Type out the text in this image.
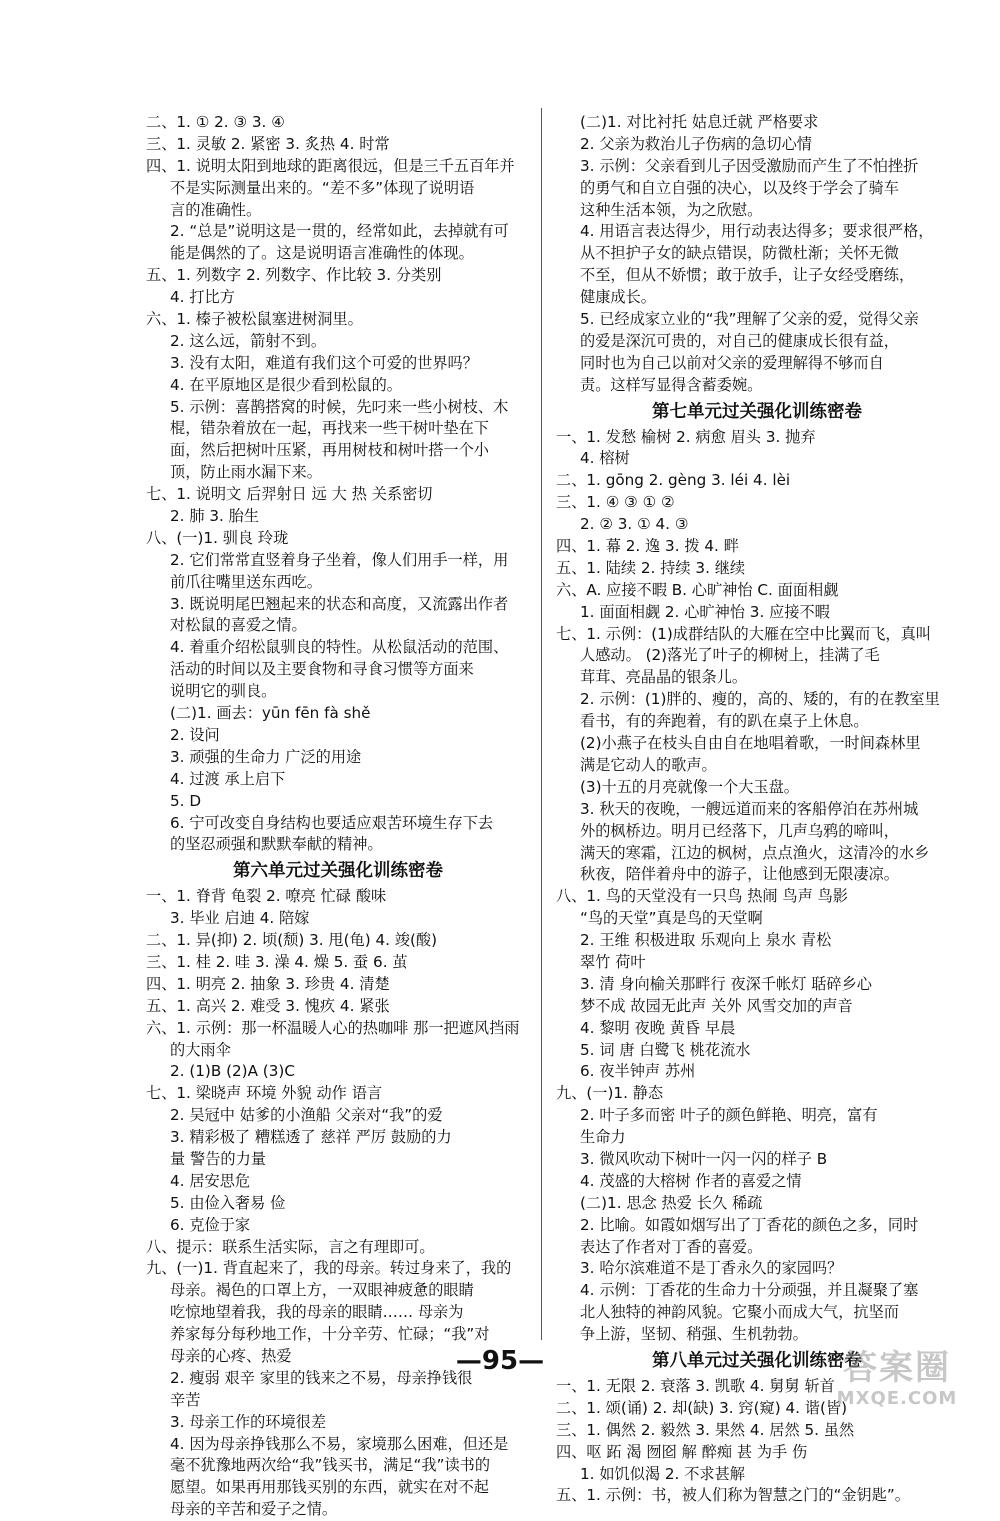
二、1. ① 2. ③ 3. ④
三、1. 灵敏 2. 紧密 3. 炙热 4. 时常
四、1. 说明太阳到地球的距离很远，但是三千五百年并
不是实际测量出来的。“差不多”体现了说明语
言的准确性。
2. “总是”说明这是一贯的，经常如此，去掉就有可
能是偶然的了。这是说明语言准确性的体现。
五、1. 列数字 2. 列数字、作比较 3. 分类别
4. 打比方
六、1. 榛子被松鼠塞进树洞里。
2. 这么远，箭射不到。
3. 没有太阳，难道有我们这个可爱的世界吗？
4. 在平原地区是很少看到松鼠的。
5. 示例：喜鹊搭窝的时候，先叼来一些小树枝、木
棍，错杂着放在一起，再找来一些干树叶垫在下
面，然后把树叶压紧，再用树枝和树叶搭一个小
顶，防止雨水漏下来。
七、1. 说明文 后羿射日 远 大 热 关系密切
2. 肺 3. 胎生
八、(一)1. 驯良 玲珑
2. 它们常常直竖着身子坐着，像人们用手一样，用
前爪往嘴里送东西吃。
3. 既说明尾巴翘起来的状态和高度，又流露出作者
对松鼠的喜爱之情。
4. 着重介绍松鼠驯良的特性。从松鼠活动的范围、
活动的时间以及主要食物和寻食习惯等方面来
说明它的驯良。
(二)1. 画去：yūn fēn fà shě
2. 设问
3. 顽强的生命力 广泛的用途
4. 过渡 承上启下
5. D
6. 宁可改变自身结构也要适应艰苦环境生存下去
的坚忍顽强和默默奉献的精神。
第六单元过关强化训练密卷
一、1. 脊背 龟裂 2. 嘹亮 忙碌 酸味
3. 毕业 启迪 4. 陪嫁
二、1. 异(抑) 2. 顷(颓) 3. 甩(龟) 4. 竣(酸)
三、1. 桂 2. 哇 3. 澡 4. 燥 5. 蚕 6. 茧
四、1. 明亮 2. 抽象 3. 珍贵 4. 清楚
五、1. 高兴 2. 难受 3. 愧疚 4. 紧张
六、1. 示例：那一杯温暖人心的热咖啡 那一把遮风挡雨
的大雨伞
2. (1)B (2)A (3)C
七、1. 梁晓声 环境 外貌 动作 语言
2. 吴冠中 姑爹的小渔船 父亲对“我”的爱
3. 精彩极了 糟糕透了 慈祥 严厉 鼓励的力
量 警告的力量
4. 居安思危
5. 由俭入奢易 俭
6. 克俭于家
八、提示：联系生活实际，言之有理即可。
九、(一)1. 背直起来了，我的母亲。转过身来了，我的
母亲。褐色的口罩上方，一双眼神疲惫的眼睛
吃惊地望着我，我的母亲的眼睛…… 母亲为
养家每分每秒地工作，十分辛劳、忙碌；“我”对
母亲的心疼、热爱
2. 瘦弱 艰辛 家里的钱来之不易，母亲挣钱很
辛苦
3. 母亲工作的环境很差
4. 因为母亲挣钱那么不易，家境那么困难，但还是
毫不犹豫地两次给“我”钱买书，满足“我”读书的
愿望。如果再用那钱买别的东西，就实在对不起
母亲的辛苦和爱子之情。
(二)1. 对比衬托 姑息迁就 严格要求
2. 父亲为救治儿子伤病的急切心情
3. 示例：父亲看到儿子因受激励而产生了不怕挫折
的勇气和自立自强的决心，以及终于学会了骑车
这种生活本领，为之欣慰。
4. 用语言表达得少，用行动表达得多；要求很严格，
从不担护子女的缺点错误，防微杜渐；关怀无微
不至，但从不娇惯；敢于放手，让子女经受磨练，
健康成长。
5. 已经成家立业的“我”理解了父亲的爱，觉得父亲
的爱是深沉可贵的，对自己的健康成长很有益，
同时也为自己以前对父亲的爱理解得不够而自
责。这样写显得含蓄委婉。
第七单元过关强化训练密卷
一、1. 发愁 榆树 2. 病愈 眉头 3. 抛弃
4. 榕树
二、1. gōng 2. gèng 3. léi 4. lèi
三、1. ④ ③ ① ②
2. ② 3. ① 4. ③
四、1. 幕 2. 逸 3. 拨 4. 畔
五、1. 陆续 2. 持续 3. 继续
六、A. 应接不暇 B. 心旷神怡 C. 面面相觑
1. 面面相觑 2. 心旷神怡 3. 应接不暇
七、1. 示例：(1)成群结队的大雁在空中比翼而飞，真叫
人感动。 (2)落光了叶子的柳树上，挂满了毛
茸茸、亮晶晶的银条儿。
2. 示例：(1)胖的、瘦的，高的、矮的，有的在教室里
看书，有的奔跑着，有的趴在桌子上休息。
(2)小燕子在枝头自由自在地唱着歌，一时间森林里
满是它动人的歌声。
(3)十五的月亮就像一个大玉盘。
3. 秋天的夜晚，一艘远道而来的客船停泊在苏州城
外的枫桥边。明月已经落下，几声乌鸦的啼叫，
满天的寒霜，江边的枫树，点点渔火，这清冷的水乡
秋夜，陪伴着舟中的游子，让他感到无限凄凉。
八、1. 鸟的天堂没有一只鸟 热闹 鸟声 鸟影
“鸟的天堂”真是鸟的天堂啊
2. 王维 积极进取 乐观向上 泉水 青松
翠竹 荷叶
3. 清 身向榆关那畔行 夜深千帐灯 聒碎乡心
梦不成 故园无此声 关外 风雪交加的声音
4. 黎明 夜晚 黄昏 早晨
5. 词 唐 白鹭飞 桃花流水
6. 夜半钟声 苏州
九、(一)1. 静态
2. 叶子多而密 叶子的颜色鲜艳、明亮，富有
生命力
3. 微风吹动下树叶一闪一闪的样子 B
4. 茂盛的大榕树 作者的喜爱之情
(二)1. 思念 热爱 长久 稀疏
2. 比喻。如霞如烟写出了丁香花的颜色之多，同时
表达了作者对丁香的喜爱。
3. 哈尔滨难道不是丁香永久的家园吗？
4. 示例：丁香花的生命力十分顽强，并且凝聚了塞
北人独特的神韵风貌。它聚小而成大气，抗坚而
争上游，坚韧、稍强、生机勃勃。
第八单元过关强化训练密卷
一、1. 无限 2. 衰落 3. 凯歌 4. 舅舅 斩首
二、1. 颂(诵) 2. 却(缺) 3. 窍(窥) 4. 谐(皆)
三、1. 偶然 2. 毅然 3. 果然 4. 居然 5. 虽然
四、呕 跖 渴 囫囵 解 醉痴 甚 为手 伤
1. 如饥似渴 2. 不求甚解
五、1. 示例：书，被人们称为智慧之门的“金钥匙”。
—95—	答案圈
MXQE.COM
